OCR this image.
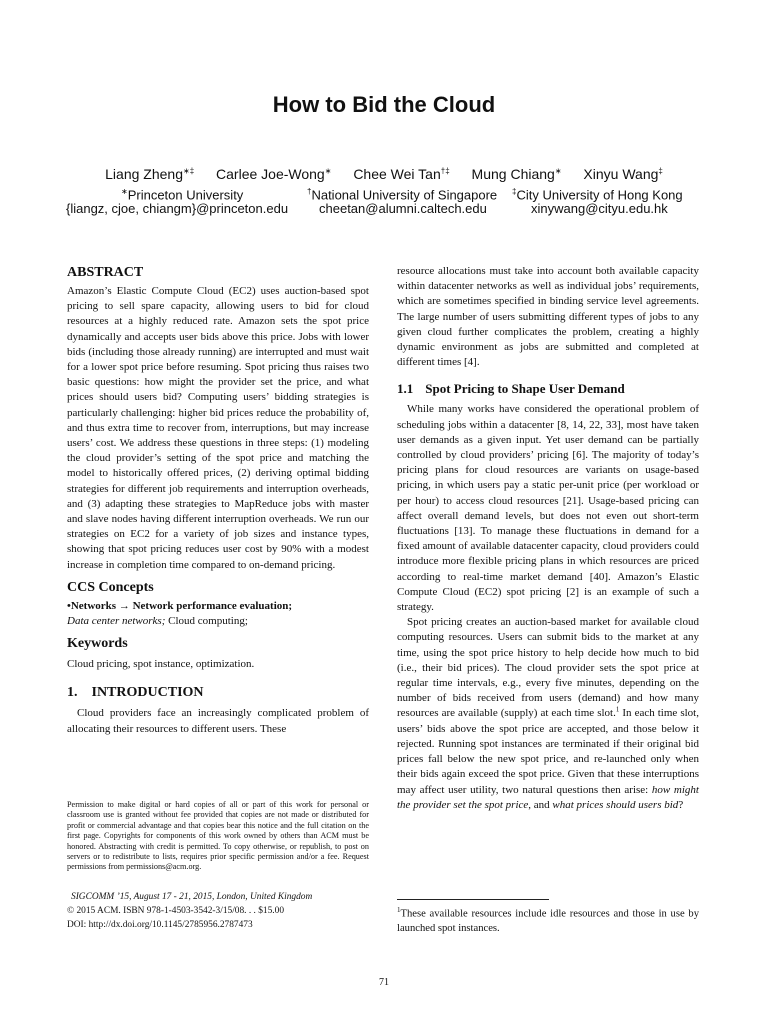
How to Bid the Cloud
Liang Zheng∗‡ Carlee Joe-Wong∗ Chee Wei Tan†‡ Mung Chiang∗ Xinyu Wang‡
∗Princeton University	†National University of Singapore ‡City University of Hong Kong
{liangz, cjoe, chiangm}@princeton.edu cheetan@alumni.caltech.edu	xinywang@cityu.edu.hk
ABSTRACT

Amazon’s Elastic Compute Cloud (EC2) uses auction-based spot pricing to sell spare capacity, allowing users to bid for cloud resources at a highly reduced rate. Amazon sets the spot price dynamically and accepts user bids above this price. Jobs with lower bids (including those already running) are interrupted and must wait for a lower spot price before resuming. Spot pricing thus raises two basic questions: how might the provider set the price, and what prices should users bid? Computing users’ bidding strategies is particularly challenging: higher bid prices reduce the probability of, and thus extra time to recover from, interruptions, but may increase users’ cost. We address these questions in three steps: (1) modeling the cloud provider’s setting of the spot price and matching the model to historically offered prices, (2) deriving optimal bidding strategies for different job requirements and interruption overheads, and (3) adapting these strategies to MapReduce jobs with master and slave nodes having different interruption overheads. We run our strategies on EC2 for a variety of job sizes and instance types, showing that spot pricing reduces user cost by 90% with a modest increase in completion time compared to on-demand pricing.

CCS Concepts

•Networks → Network performance evaluation;
Data center networks; Cloud computing;

Keywords

Cloud pricing, spot instance, optimization.

1.    INTRODUCTION

Cloud providers face an increasingly complicated problem of allocating their resources to different users. These

Permission to make digital or hard copies of all or part of this work for personal or classroom use is granted without fee provided that copies are not made or distributed for profit or commercial advantage and that copies bear this notice and the full citation on the first page. Copyrights for components of this work owned by others than ACM must be honored. Abstracting with credit is permitted. To copy otherwise, or republish, to post on servers or to redistribute to lists, requires prior specific permission and/or a fee. Request permissions from permissions@acm.org.
SIGCOMM ’15, August 17 - 21, 2015, London, United Kingdom
© 2015 ACM. ISBN 978-1-4503-3542-3/15/08. . . $15.00
DOI: http://dx.doi.org/10.1145/2785956.2787473

resource allocations must take into account both available capacity within datacenter networks as well as individual jobs’ requirements, which are sometimes specified in binding service level agreements. The large number of users submitting different types of jobs to any given cloud further complicates the problem, creating a highly dynamic environment as jobs are submitted and completed at different times [4].

1.1 Spot Pricing to Shape User Demand

While many works have considered the operational problem of scheduling jobs within a datacenter [8, 14, 22, 33], most have taken user demands as a given input. Yet user demand can be partially controlled by cloud providers’ pricing [6]. The majority of today’s pricing plans for cloud resources are variants on usage-based pricing, in which users pay a static per-unit price (per workload or per hour) to access cloud resources [21]. Usage-based pricing can affect overall demand levels, but does not even out short-term fluctuations [13]. To manage these fluctuations in demand for a fixed amount of available datacenter capacity, cloud providers could introduce more flexible pricing plans in which resources are priced according to real-time market demand [40]. Amazon’s Elastic Compute Cloud (EC2) spot pricing [2] is an example of such a strategy.

Spot pricing creates an auction-based market for available cloud computing resources. Users can submit bids to the market at any time, using the spot price history to help decide how much to bid (i.e., their bid prices). The cloud provider sets the spot price at regular time intervals, e.g., every five minutes, depending on the number of bids received from users (demand) and how many resources are available (supply) at each time slot.$^1$ In each time slot, users’ bids above the spot price are accepted, and those below it rejected. Running spot instances are terminated if their original bid prices fall below the new spot price, and re-launched only when their bids again exceed the spot price. Given that these interruptions may affect user utility, two natural questions then arise: how might the provider set the spot price, and what prices should users bid?

$^1$These available resources include idle resources and those in use by launched spot instances.
71
